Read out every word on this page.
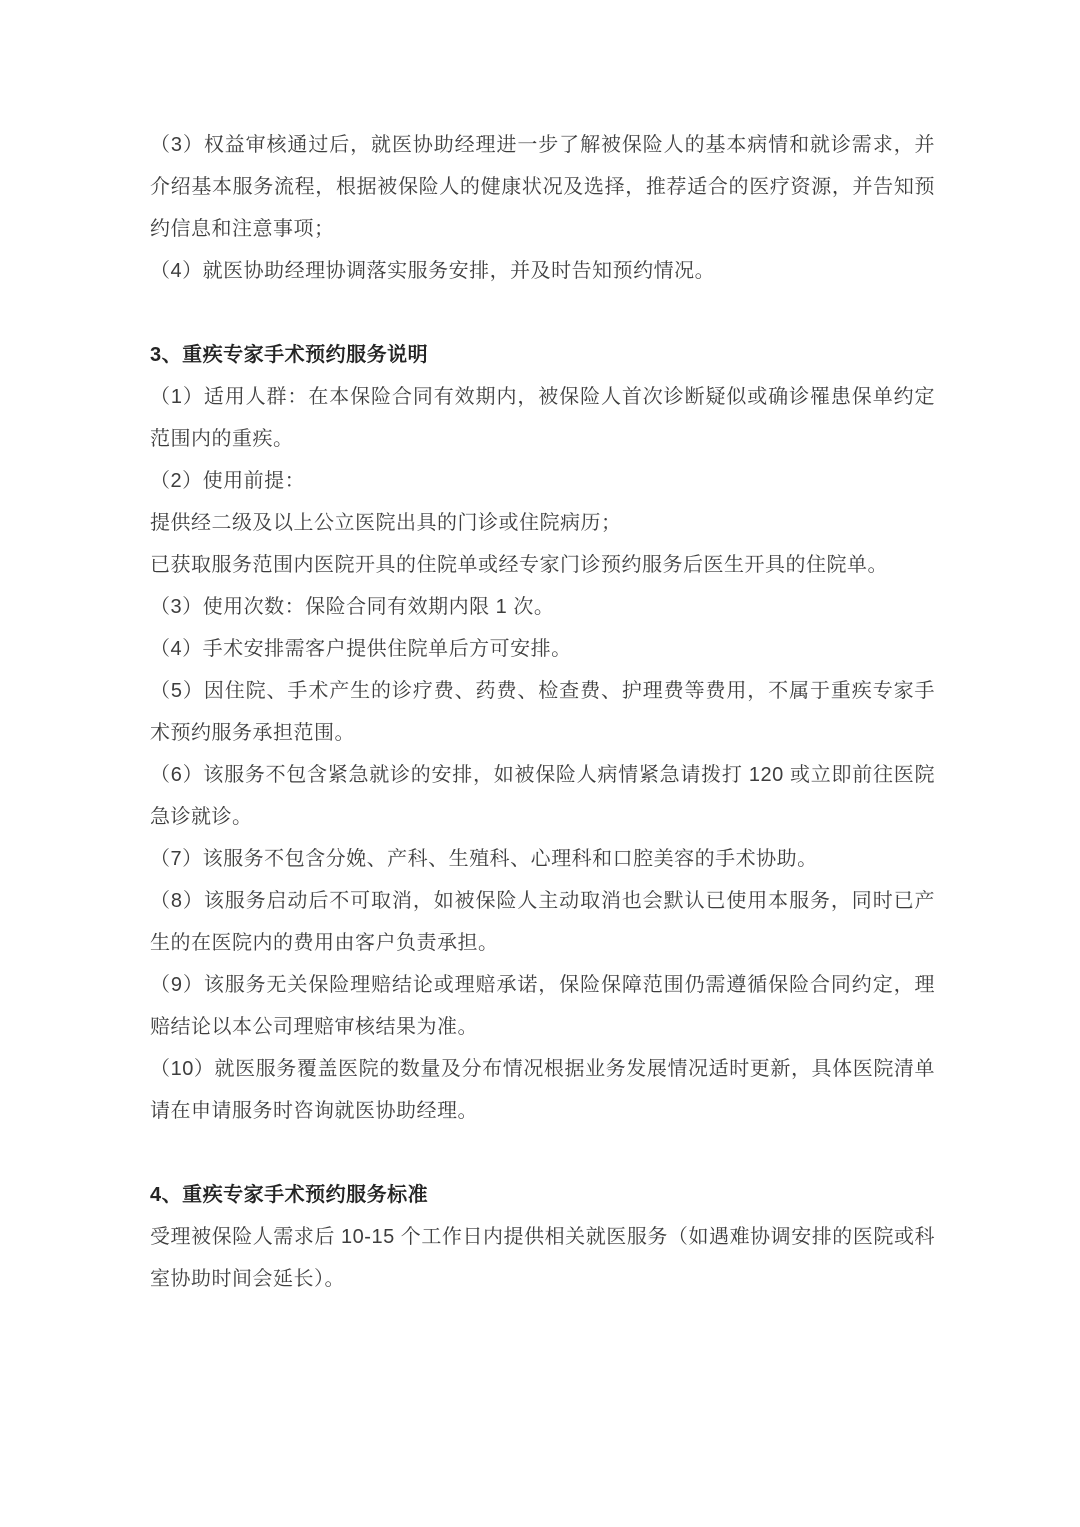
（3）权益审核通过后，就医协助经理进一步了解被保险人的基本病情和就诊需求，并介绍基本服务流程，根据被保险人的健康状况及选择，推荐适合的医疗资源，并告知预约信息和注意事项；

（4）就医协助经理协调落实服务安排，并及时告知预约情况。

3、重疾专家手术预约服务说明

（1）适用人群：在本保险合同有效期内，被保险人首次诊断疑似或确诊罹患保单约定范围内的重疾。

（2）使用前提：

提供经二级及以上公立医院出具的门诊或住院病历；

已获取服务范围内医院开具的住院单或经专家门诊预约服务后医生开具的住院单。

（3）使用次数：保险合同有效期内限 1 次。

（4）手术安排需客户提供住院单后方可安排。

（5）因住院、手术产生的诊疗费、药费、检查费、护理费等费用，不属于重疾专家手术预约服务承担范围。

（6）该服务不包含紧急就诊的安排，如被保险人病情紧急请拨打 120 或立即前往医院急诊就诊。

（7）该服务不包含分娩、产科、生殖科、心理科和口腔美容的手术协助。

（8）该服务启动后不可取消，如被保险人主动取消也会默认已使用本服务，同时已产生的在医院内的费用由客户负责承担。

（9）该服务无关保险理赔结论或理赔承诺，保险保障范围仍需遵循保险合同约定，理赔结论以本公司理赔审核结果为准。

（10）就医服务覆盖医院的数量及分布情况根据业务发展情况适时更新，具体医院清单请在申请服务时咨询就医协助经理。

4、重疾专家手术预约服务标准

受理被保险人需求后 10-15 个工作日内提供相关就医服务（如遇难协调安排的医院或科室协助时间会延长）。
